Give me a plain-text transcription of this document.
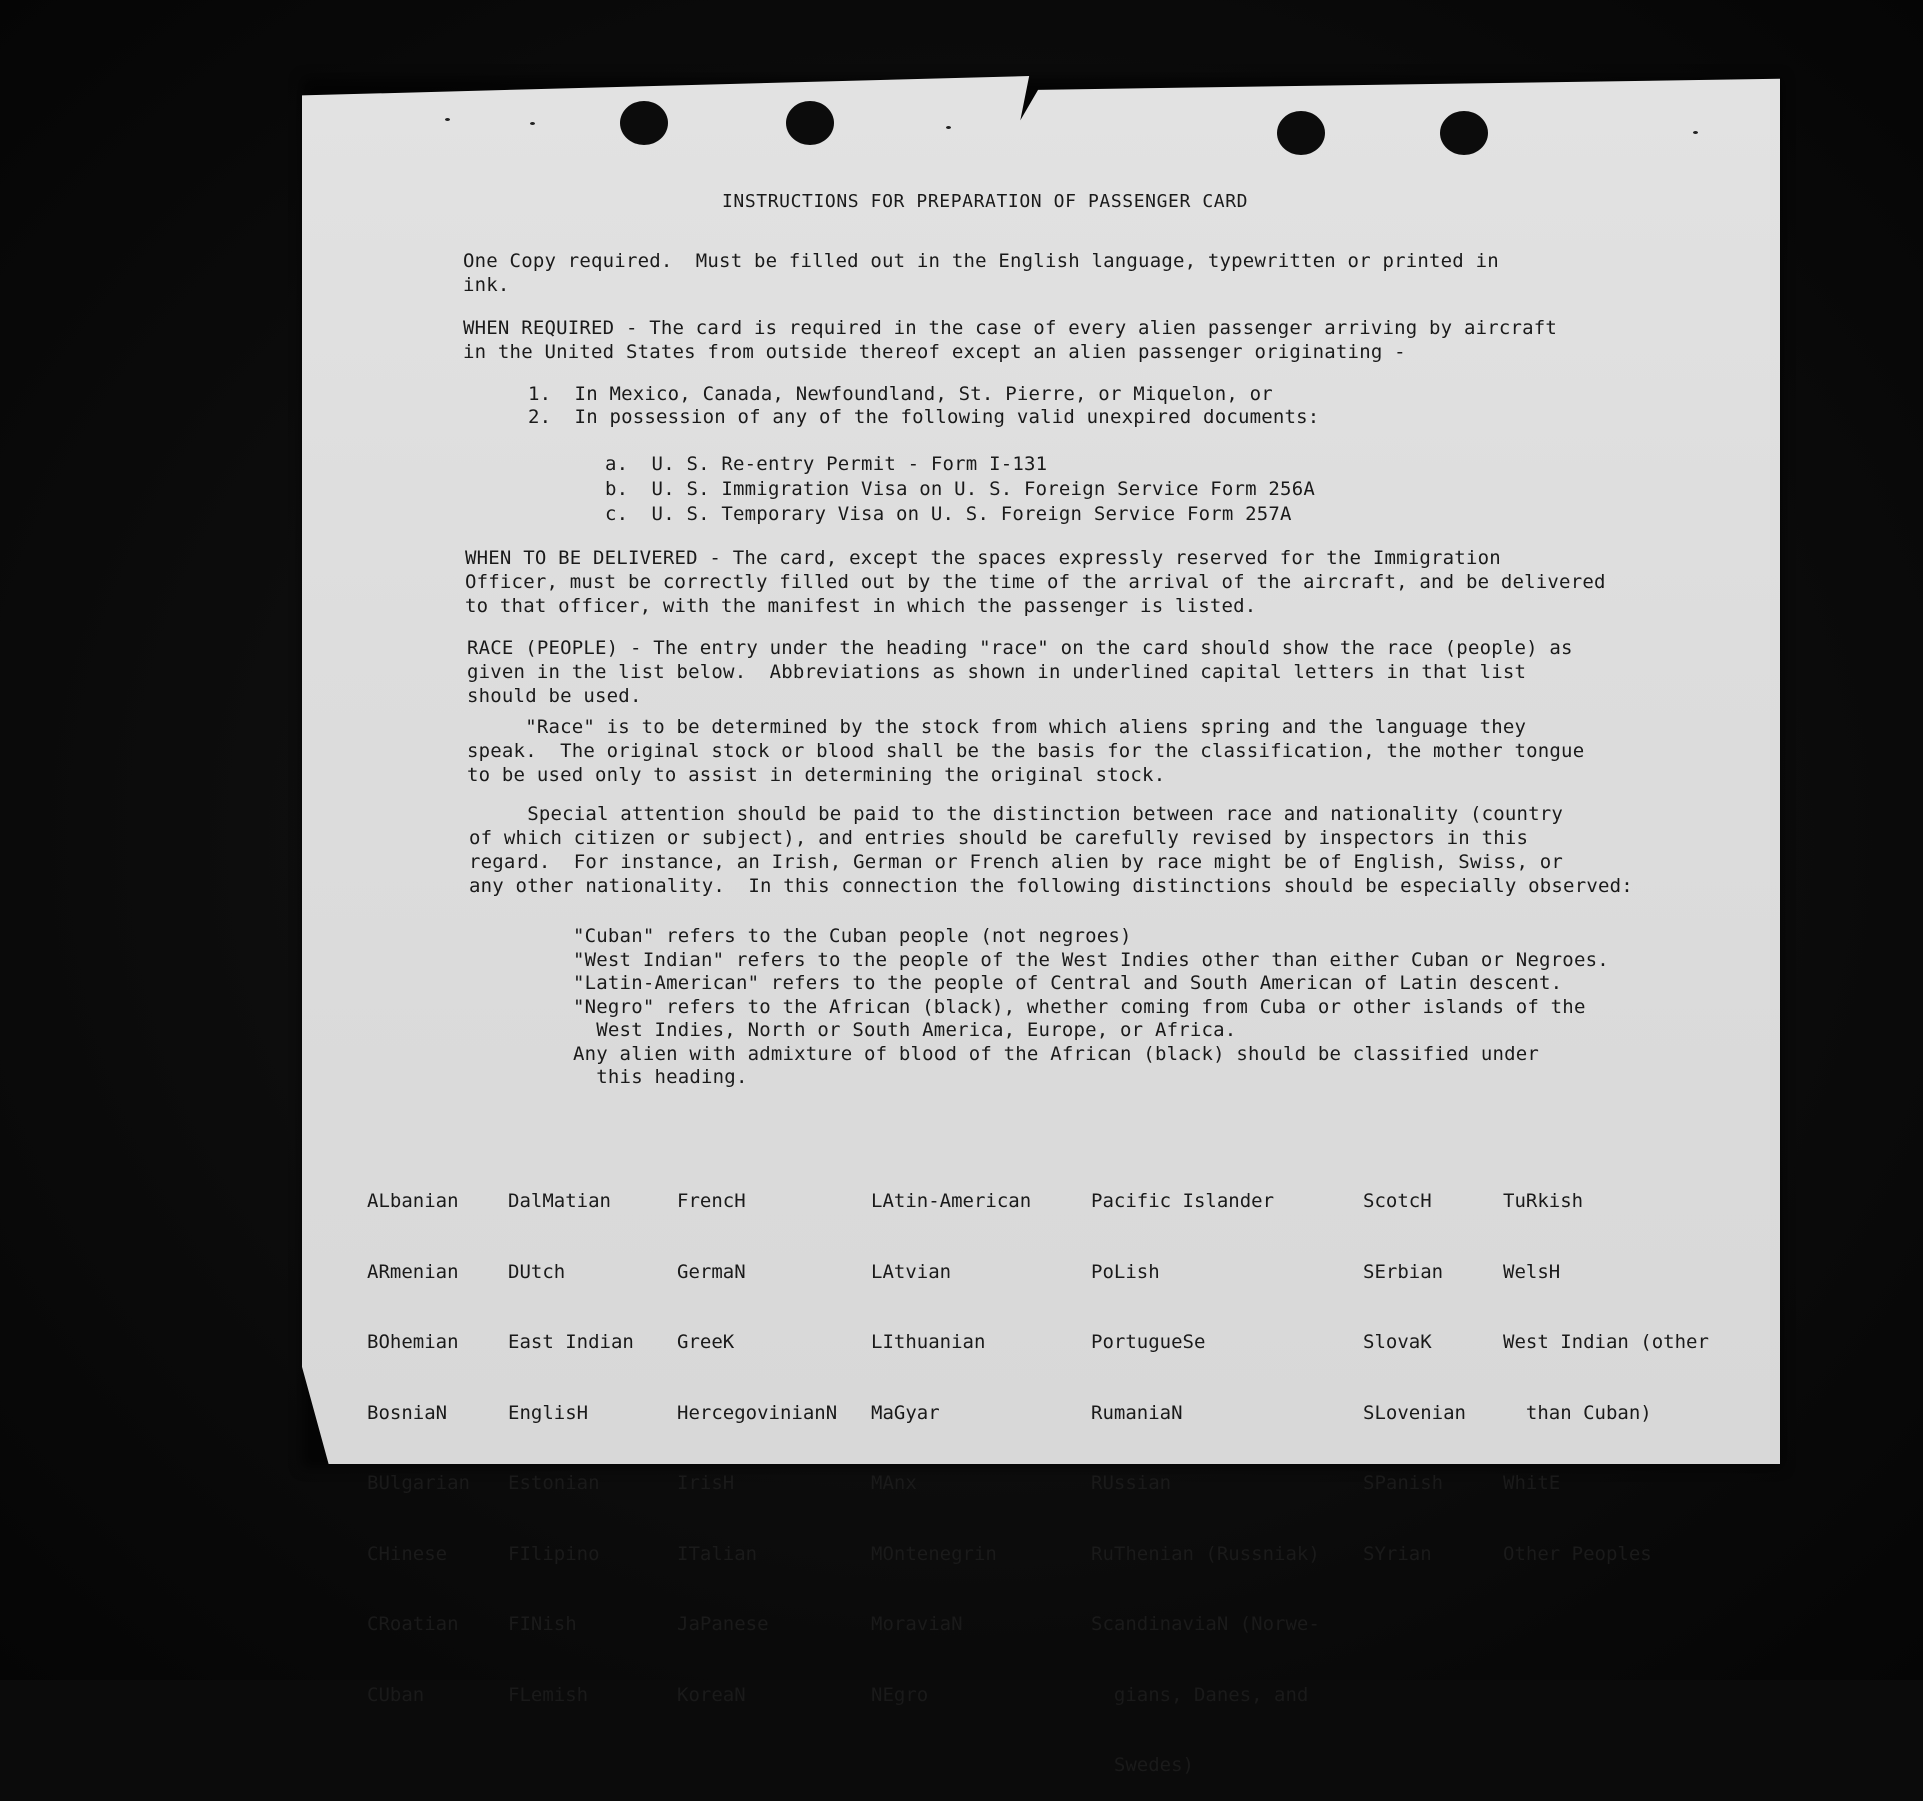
INSTRUCTIONS FOR PREPARATION OF PASSENGER CARD
One Copy required.  Must be filled out in the English language, typewritten or printed in
ink.
WHEN REQUIRED - The card is required in the case of every alien passenger arriving by aircraft
in the United States from outside thereof except an alien passenger originating -
1.  In Mexico, Canada, Newfoundland, St. Pierre, or Miquelon, or
2.  In possession of any of the following valid unexpired documents:
a.  U. S. Re-entry Permit - Form I-131
b.  U. S. Immigration Visa on U. S. Foreign Service Form 256A
c.  U. S. Temporary Visa on U. S. Foreign Service Form 257A
WHEN TO BE DELIVERED - The card, except the spaces expressly reserved for the Immigration
Officer, must be correctly filled out by the time of the arrival of the aircraft, and be delivered
to that officer, with the manifest in which the passenger is listed.
RACE (PEOPLE) - The entry under the heading "race" on the card should show the race (people) as
given in the list below.  Abbreviations as shown in underlined capital letters in that list
should be used.
"Race" is to be determined by the stock from which aliens spring and the language they
speak.  The original stock or blood shall be the basis for the classification, the mother tongue
to be used only to assist in determining the original stock.
Special attention should be paid to the distinction between race and nationality (country
of which citizen or subject), and entries should be carefully revised by inspectors in this
regard.  For instance, an Irish, German or French alien by race might be of English, Swiss, or
any other nationality.  In this connection the following distinctions should be especially observed:
"Cuban" refers to the Cuban people (not negroes)
"West Indian" refers to the people of the West Indies other than either Cuban or Negroes.
"Latin-American" refers to the people of Central and South American of Latin descent.
"Negro" refers to the African (black), whether coming from Cuba or other islands of the
West Indies, North or South America, Europe, or Africa.
Any alien with admixture of blood of the African (black) should be classified under
this heading.

ALbanian

ARmenian

BOhemian

BosniaN

BUlgarian

CHinese

CRoatian

CUban

DalMatian

DUtch

East Indian

EnglisH

Estonian

FIlipino

FINish

FLemish

FrencH

GermaN

GreeK

HercegovinianN

IrisH

ITalian

JaPanese

KoreaN

LAtin-American

LAtvian

LIthuanian

MaGyar

MAnx

MOntenegrin

MoraviaN

NEgro

Pacific Islander

PoLish

PortugueSe

RumaniaN

RUssian

RuThenian (Russniak)

ScandinaviaN (Norwe-

gians, Danes, and

Swedes)

ScotcH

SErbian

SlovaK

SLovenian

SPanish

SYrian

TuRkish

WelsH

West Indian (other

than Cuban)

WhitE

Other Peoples
